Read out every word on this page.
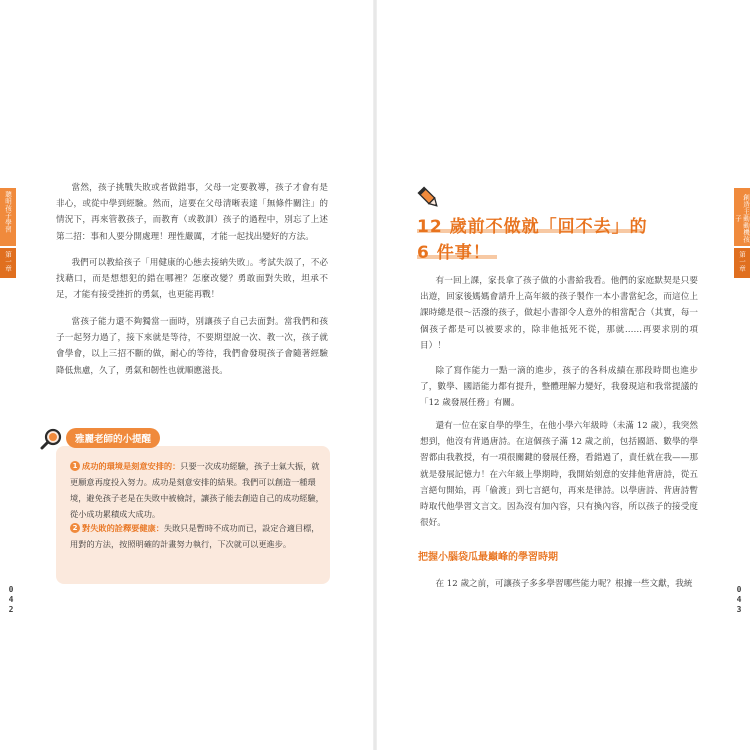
聰明孩子學習
第一章
0
4
2

當然，孩子挑戰失敗或者做錯事，父母一定要教導，孩子才會有是非心，或從中學到經驗。然而，這要在父母清晰表達「無條件關注」的情況下，再來管教孩子，而教育（或教訓）孩子的過程中，別忘了上述第二招：事和人要分開處理！理性嚴厲，才能一起找出變好的方法。

我們可以教給孩子「用健康的心態去接納失敗」。考試失誤了，不必找藉口，而是想想犯的錯在哪裡？怎麼改變？勇敢面對失敗，坦承不足，才能有接受挫折的勇氣，也更能再戰！

當孩子能力還不夠獨當一面時，別讓孩子自己去面對。當我們和孩子一起努力過了，接下來就是等待，不要期望說一次、教一次，孩子就會學會，以上三招不斷的做，耐心的等待，我們會發現孩子會隨著經驗降低焦慮，久了，勇氣和韌性也就順應滋長。

雅麗老師的小提醒

1 成功的環境是刻意安排的：只要一次成功經驗，孩子士氣大振，就更願意再度投入努力。成功是刻意安排的結果。我們可以創造一種環境，避免孩子老是在失敗中被檢討，讓孩子能去創造自己的成功經驗，從小成功累積成大成功。

2 對失敗的詮釋要健康：失敗只是暫時不成功而已，設定合適目標，用對的方法，按照明確的計畫努力執行，下次就可以更進步。

創造主動動機孩子
第一章
0
4
3
12 歲前不做就「回不去」的
6 件事！

有一回上課，家長拿了孩子做的小書給我看。他們的家庭默契是只要出遊，回家後媽媽會請升上高年級的孩子製作一本小書當紀念，而這位上課時總是很～活潑的孩子，做起小書卻令人意外的相當配合（其實，每一個孩子都是可以被要求的，除非他抵死不從，那就……再要求別的項目）！

除了寫作能力一點一滴的進步，孩子的各科成績在那段時間也進步了，數學、國語能力都有提升，整體理解力變好，我發現這和我常提議的「12 歲發展任務」有關。

還有一位在家自學的學生，在他小學六年級時（未滿 12 歲），我突然想到，他沒有背過唐詩。在這個孩子滿 12 歲之前，包括國語、數學的學習都由我教授，有一項很關鍵的發展任務，看錯過了，責任就在我——那就是發展記憶力！在六年級上學期時，我開始刻意的安排他背唐詩，從五言絕句開始，再「偷渡」到七言絕句，再來是律詩。以學唐詩、背唐詩暫時取代他學習文言文。因為沒有加內容，只有換內容，所以孩子的接受度很好。

把握小腦袋瓜最巔峰的學習時期

在 12 歲之前，可讓孩子多多學習哪些能力呢？根據一些文獻，我統
